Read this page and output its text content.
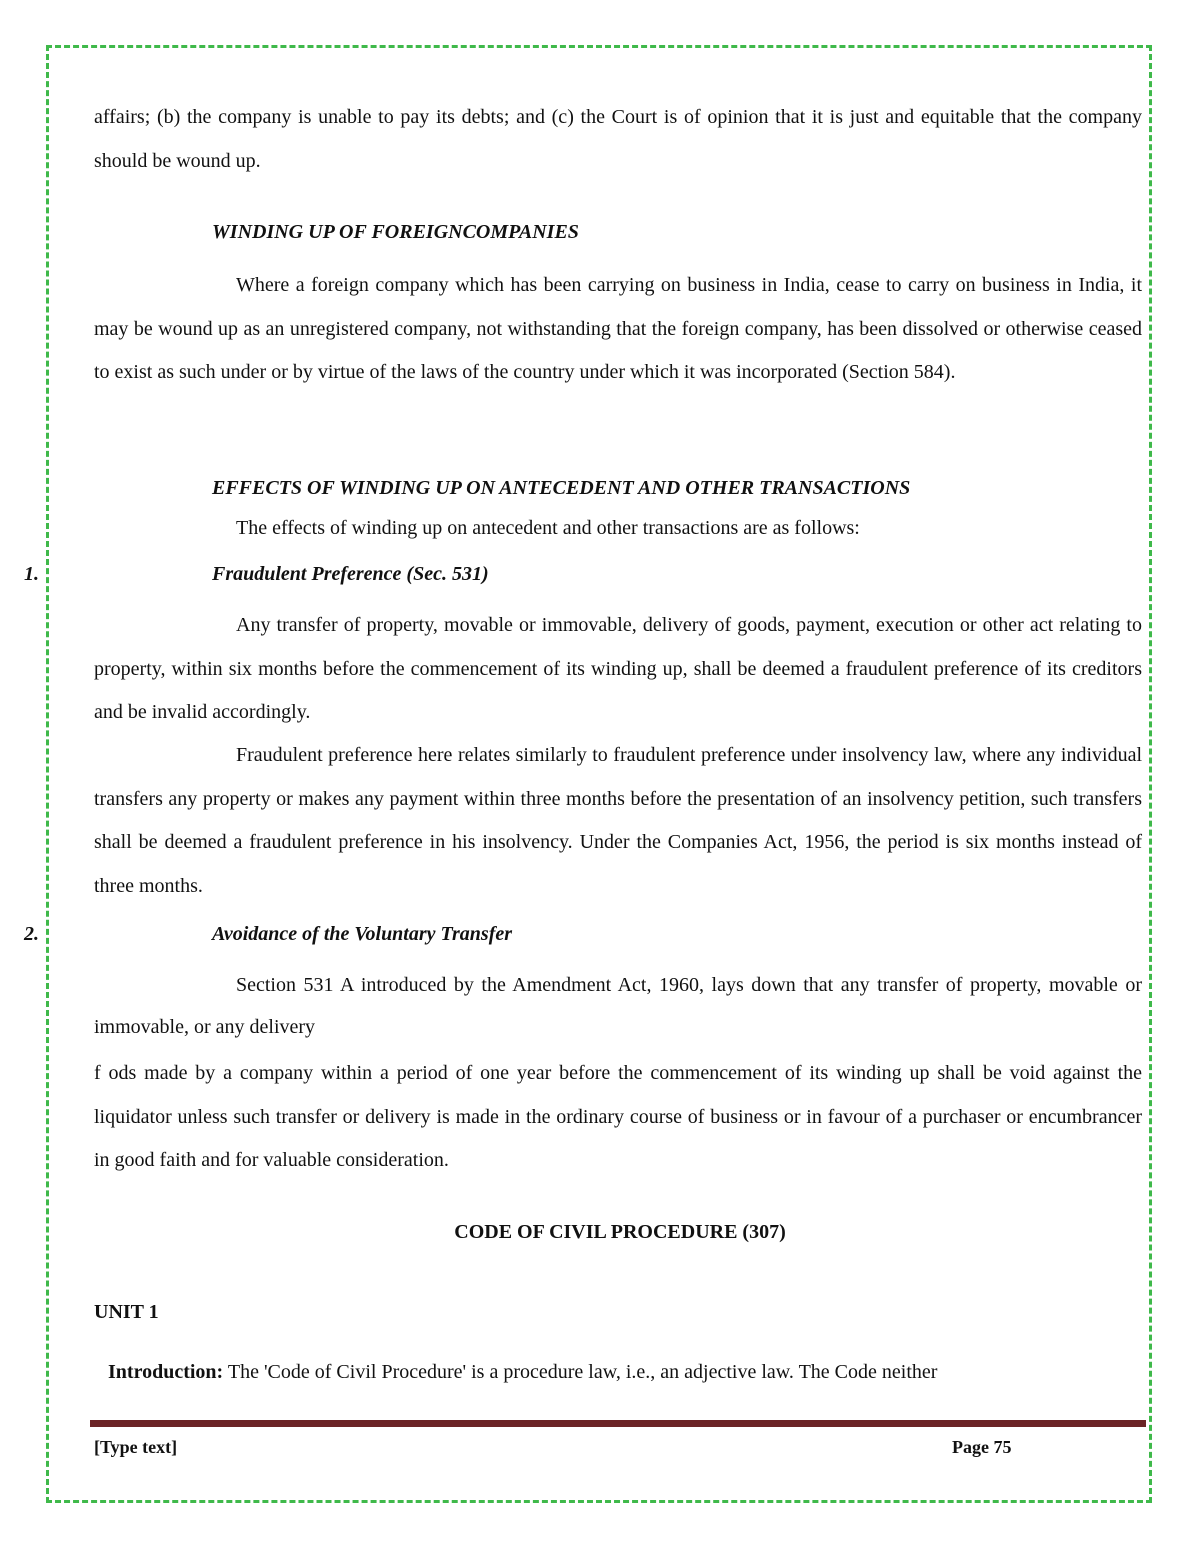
affairs; (b) the company is unable to pay its debts; and (c) the Court is of opinion that it is just and equitable that the company should be wound up.

WINDING UP OF FOREIGNCOMPANIES

Where a foreign company which has been carrying on business in India, cease to carry on business in India, it may be wound up as an unregistered company, not withstanding that the foreign company, has been dissolved or otherwise ceased to exist as such under or by virtue of the laws of the country under which it was incorporated (Section 584).

EFFECTS OF WINDING UP ON ANTECEDENT AND OTHER TRANSACTIONS

The effects of winding up on antecedent and other transactions are as follows:

1.	Fraudulent Preference (Sec. 531)

Any transfer of property, movable or immovable, delivery of goods, payment, execution or other act relating to property, within six months before the commencement of its winding up, shall be deemed a fraudulent preference of its creditors and be invalid accordingly.

Fraudulent preference here relates similarly to fraudulent preference under insolvency law, where any individual transfers any property or makes any payment within three months before the presentation of an insolvency petition, such transfers shall be deemed a fraudulent preference in his insolvency. Under the Companies Act, 1956, the period is six months instead of three months.

2.	Avoidance of the Voluntary Transfer

Section 531 A introduced by the Amendment Act, 1960, lays down that any transfer of property, movable or immovable, or any delivery

f ods made by a company within a period of one year before the commencement of its winding up shall be void against the liquidator unless such transfer or delivery is made in the ordinary course of business or in favour of a purchaser or encumbrancer in good faith and for valuable consideration.

CODE OF CIVIL PROCEDURE (307)

UNIT 1

Introduction: The 'Code of Civil Procedure' is a procedure law, i.e., an adjective law. The Code neither

[Type text]	Page 75
